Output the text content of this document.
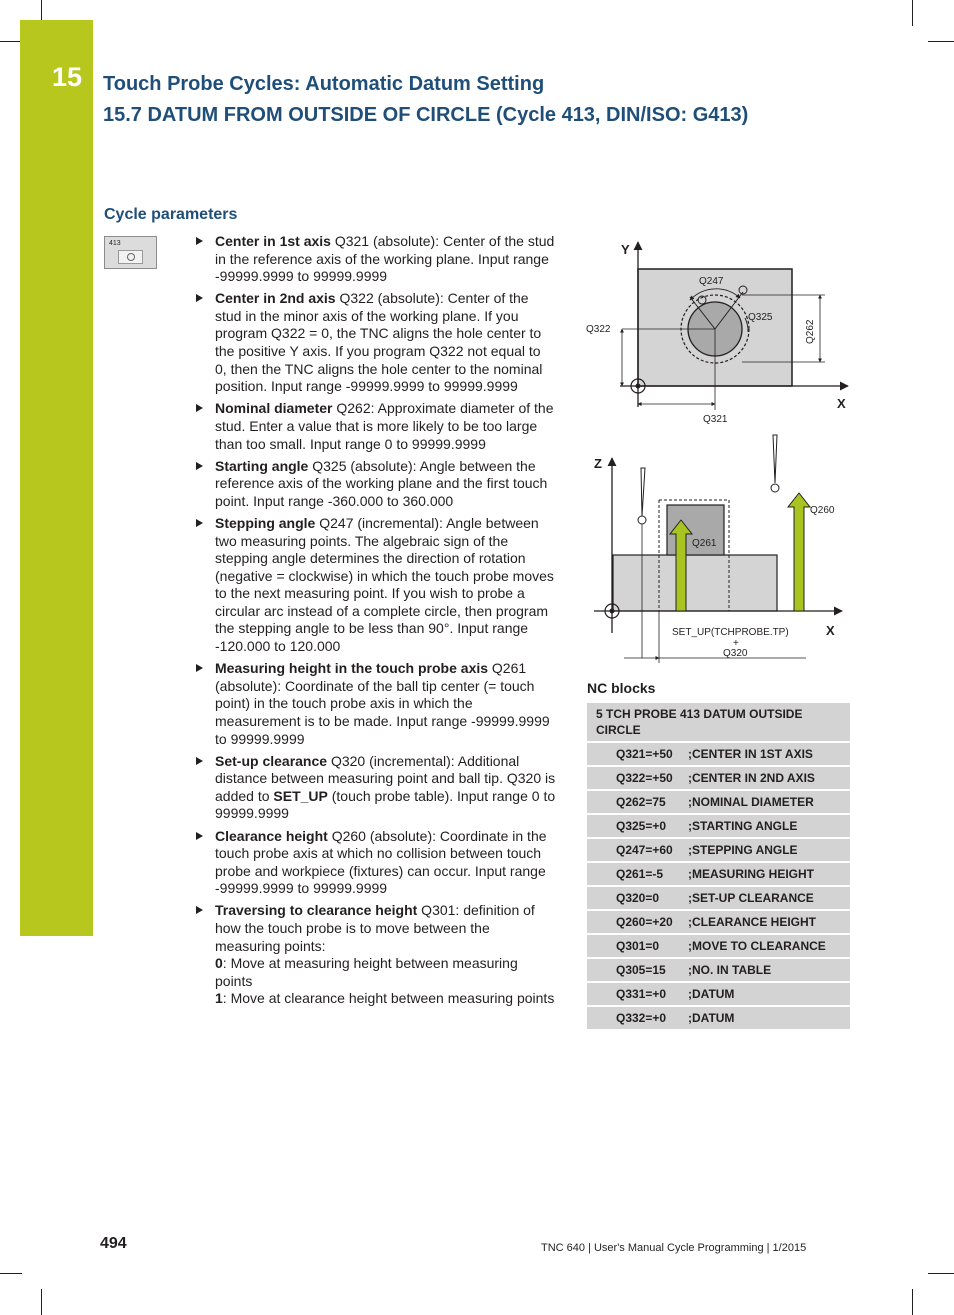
15 Touch Probe Cycles: Automatic Datum Setting
15.7 DATUM FROM OUTSIDE OF CIRCLE (Cycle 413, DIN/ISO: G413)
Cycle parameters
413	Center in 1st axis Q321 (absolute): Center of the stud in the reference axis of the working plane. Input range -99999.9999 to 99999.9999
Center in 2nd axis Q322 (absolute): Center of the stud in the minor axis of the working plane. If you program Q322 = 0, the TNC aligns the hole center to the positive Y axis. If you program Q322 not equal to 0, then the TNC aligns the hole center to the nominal position. Input range -99999.9999 to 99999.9999
Nominal diameter Q262: Approximate diameter of the stud. Enter a value that is more likely to be too large than too small. Input range 0 to 99999.9999
Starting angle Q325 (absolute): Angle between the reference axis of the working plane and the first touch point. Input range -360.000 to 360.000
Stepping angle Q247 (incremental): Angle between two measuring points. The algebraic sign of the stepping angle determines the direction of rotation (negative = clockwise) in which the touch probe moves to the next measuring point. If you wish to probe a circular arc instead of a complete circle, then program the stepping angle to be less than 90°. Input range -120.000 to 120.000
Measuring height in the touch probe axis Q261 (absolute): Coordinate of the ball tip center (= touch point) in the touch probe axis in which the measurement is to be made. Input range -99999.9999 to 99999.9999
Set-up clearance Q320 (incremental): Additional distance between measuring point and ball tip. Q320 is added to SET_UP (touch probe table). Input range 0 to 99999.9999
Clearance height Q260 (absolute): Coordinate in the touch probe axis at which no collision between touch probe and workpiece (fixtures) can occur. Input range -99999.9999 to 99999.9999
Traversing to clearance height Q301: definition of how the touch probe is to move between the measuring points:
0: Move at measuring height between measuring points
1: Move at clearance height between measuring points
Y
X
Q247
Q325
Q322	Q262
Q321
Z
X
Q261
Q260
SET_UP(TCHPROBE.TP)
+
Q320
NC blocks
5 TCH PROBE 413 DATUM OUTSIDE CIRCLE	
Q321=+50	;CENTER IN 1ST AXIS
Q322=+50	;CENTER IN 2ND AXIS
Q262=75	;NOMINAL DIAMETER
Q325=+0	;STARTING ANGLE
Q247=+60	;STEPPING ANGLE
Q261=-5	;MEASURING HEIGHT
Q320=0	;SET-UP CLEARANCE
Q260=+20	;CLEARANCE HEIGHT
Q301=0	;MOVE TO CLEARANCE
Q305=15	;NO. IN TABLE
Q331=+0	;DATUM
Q332=+0	;DATUM
494	TNC 640 | User's Manual Cycle Programming | 1/2015
